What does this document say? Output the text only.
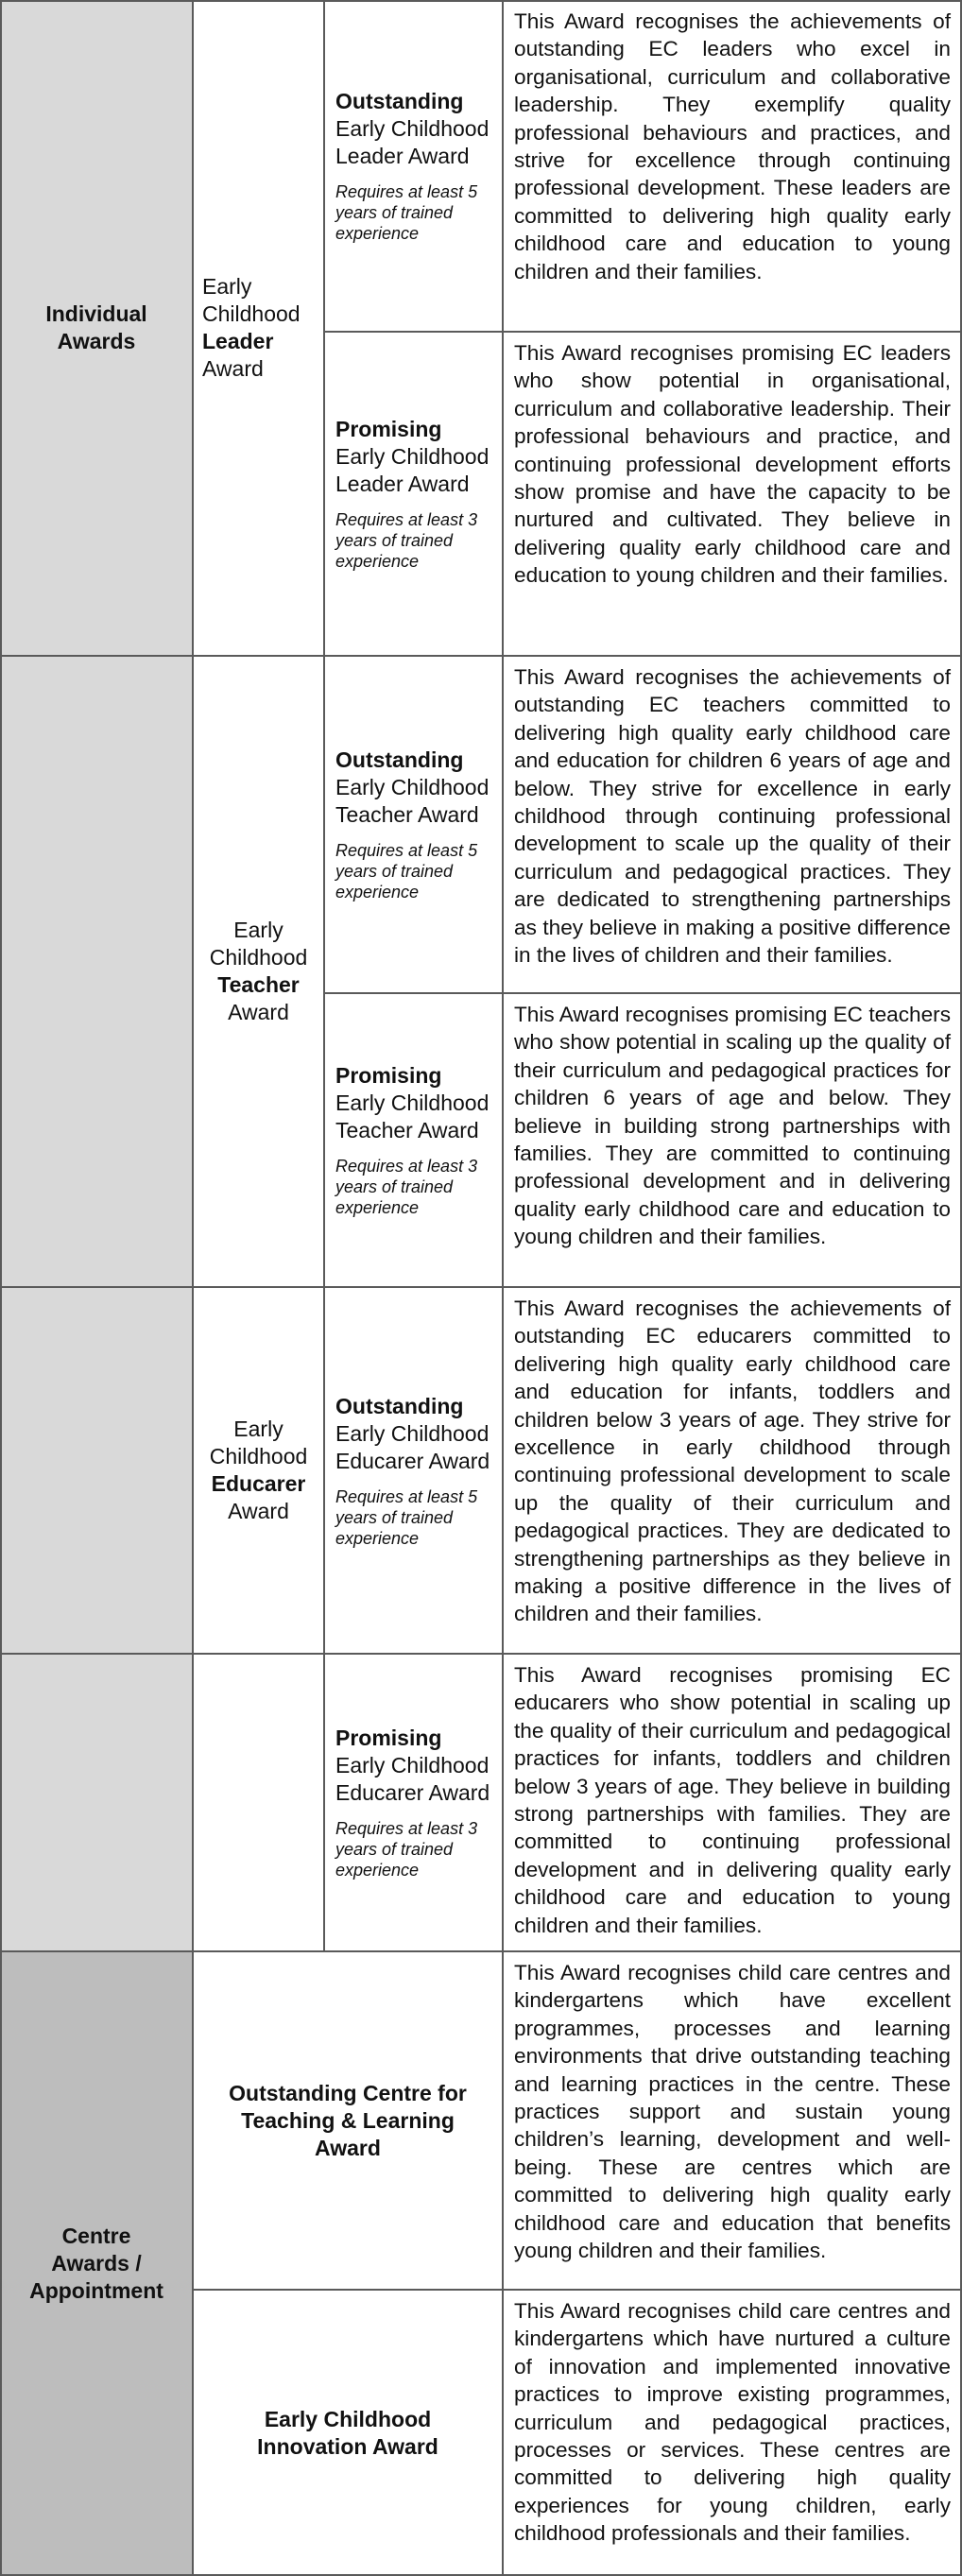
Individual Awards
Early Childhood
Leader
Award
Outstanding
Early Childhood Leader Award
Requires at least 5 years of trained experience
This Award recognises the achievements of outstanding EC leaders who excel in organisational, curriculum and collaborative leadership. They exemplify quality professional behaviours and practices, and strive for excellence through continuing professional development. These leaders are committed to delivering high quality early childhood care and education to young children and their families.
Promising
Early Childhood Leader Award
Requires at least 3 years of trained experience
This Award recognises promising EC leaders who show potential in organisational, curriculum and collaborative leadership. Their professional behaviours and practice, and continuing professional development efforts show promise and have the capacity to be nurtured and cultivated. They believe in delivering quality early childhood care and education to young children and their families.
Early Childhood
Teacher
Award
Outstanding
Early Childhood Teacher Award
Requires at least 5 years of trained experience
This Award recognises the achievements of outstanding EC teachers committed to delivering high quality early childhood care and education for children 6 years of age and below. They strive for excellence in early childhood through continuing professional development to scale up the quality of their curriculum and pedagogical practices. They are dedicated to strengthening partnerships as they believe in making a positive difference in the lives of children and their families.
Promising
Early Childhood Teacher Award
Requires at least 3 years of trained experience
This Award recognises promising EC teachers who show potential in scaling up the quality of their curriculum and pedagogical practices for children 6 years of age and below. They believe in building strong partnerships with families. They are committed to continuing professional development and in delivering quality early childhood care and education to young children and their families.
Early Childhood
Educarer
Award
Outstanding
Early Childhood Educarer Award
Requires at least 5 years of trained experience
This Award recognises the achievements of outstanding EC educarers committed to delivering high quality early childhood care and education for infants, toddlers and children below 3 years of age. They strive for excellence in early childhood through continuing professional development to scale up the quality of their curriculum and pedagogical practices. They are dedicated to strengthening partnerships as they believe in making a positive difference in the lives of children and their families.
Promising
Early Childhood Educarer Award
Requires at least 3 years of trained experience
This Award recognises promising EC educarers who show potential in scaling up the quality of their curriculum and pedagogical practices for infants, toddlers and children below 3 years of age. They believe in building strong partnerships with families. They are committed to continuing professional development and in delivering quality early childhood care and education to young children and their families.
Centre Awards / Appointment
Outstanding Centre for Teaching & Learning Award
This Award recognises child care centres and kindergartens which have excellent programmes, processes and learning environments that drive outstanding teaching and learning practices in the centre. These practices support and sustain young children’s learning, development and well-being. These are centres which are committed to delivering high quality early childhood care and education that benefits young children and their families.
Early Childhood Innovation Award
This Award recognises child care centres and kindergartens which have nurtured a culture of innovation and implemented innovative practices to improve existing programmes, curriculum and pedagogical practices, processes or services. These centres are committed to delivering high quality experiences for young children, early childhood professionals and their families.
